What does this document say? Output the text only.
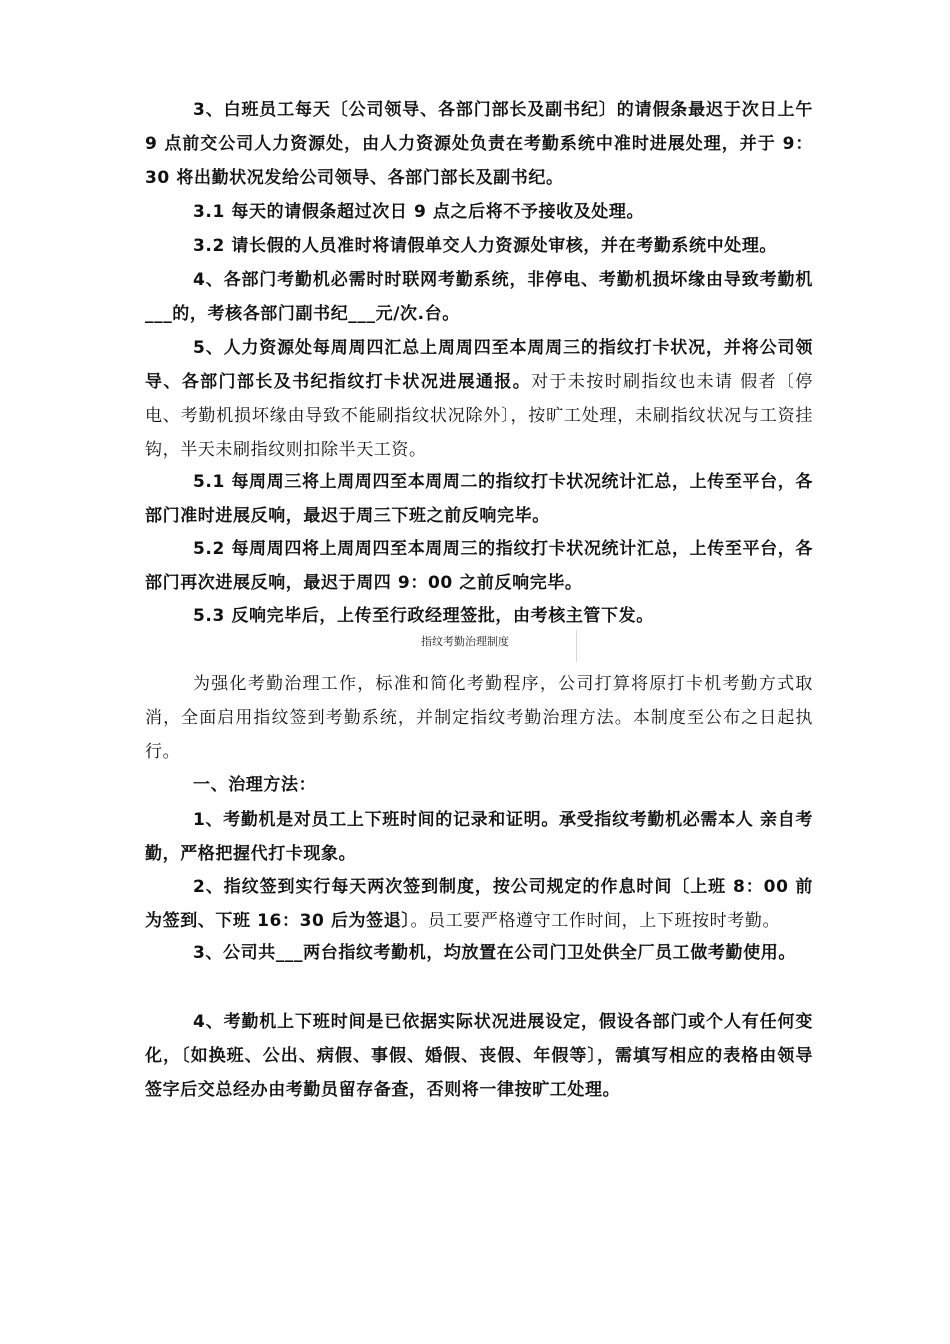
3、白班员工每天〔公司领导、各部门部长及副书纪〕的请假条最迟于次日上午 9 点前交公司人力资源处，由人力资源处负责在考勤系统中准时进展处理，并于 9：30 将出勤状况发给公司领导、各部门部长及副书纪。

3.1 每天的请假条超过次日 9 点之后将不予接收及处理。

3.2 请长假的人员准时将请假单交人力资源处审核，并在考勤系统中处理。

4、各部门考勤机必需时时联网考勤系统，非停电、考勤机损坏缘由导致考勤机___的，考核各部门副书纪___元/次.台。

5、人力资源处每周周四汇总上周周四至本周周三的指纹打卡状况，并将公司领导、各部门部长及书纪指纹打卡状况进展通报。对于未按时刷指纹也未请 假者〔停电、考勤机损坏缘由导致不能刷指纹状况除外〕，按旷工处理，未刷指纹状况与工资挂钩，半天未刷指纹则扣除半天工资。

5.1 每周周三将上周周四至本周周二的指纹打卡状况统计汇总，上传至平台，各部门准时进展反响，最迟于周三下班之前反响完毕。

5.2 每周周四将上周周四至本周周三的指纹打卡状况统计汇总，上传至平台，各部门再次进展反响，最迟于周四 9：00 之前反响完毕。

5.3 反响完毕后，上传至行政经理签批，由考核主管下发。

指纹考勤治理制度

为强化考勤治理工作，标准和简化考勤程序，公司打算将原打卡机考勤方式取消，全面启用指纹签到考勤系统，并制定指纹考勤治理方法。本制度至公布之日起执行。

一、治理方法：

1、考勤机是对员工上下班时间的记录和证明。承受指纹考勤机必需本人 亲自考勤，严格把握代打卡现象。

2、指纹签到实行每天两次签到制度，按公司规定的作息时间〔上班 8：00 前为签到、下班 16：30 后为签退〕。员工要严格遵守工作时间，上下班按时考勤。

3、公司共___两台指纹考勤机，均放置在公司门卫处供全厂员工做考勤使用。

4、考勤机上下班时间是已依据实际状况进展设定，假设各部门或个人有任何变化，〔如换班、公出、病假、事假、婚假、丧假、年假等〕，需填写相应的表格由领导签字后交总经办由考勤员留存备查，否则将一律按旷工处理。
